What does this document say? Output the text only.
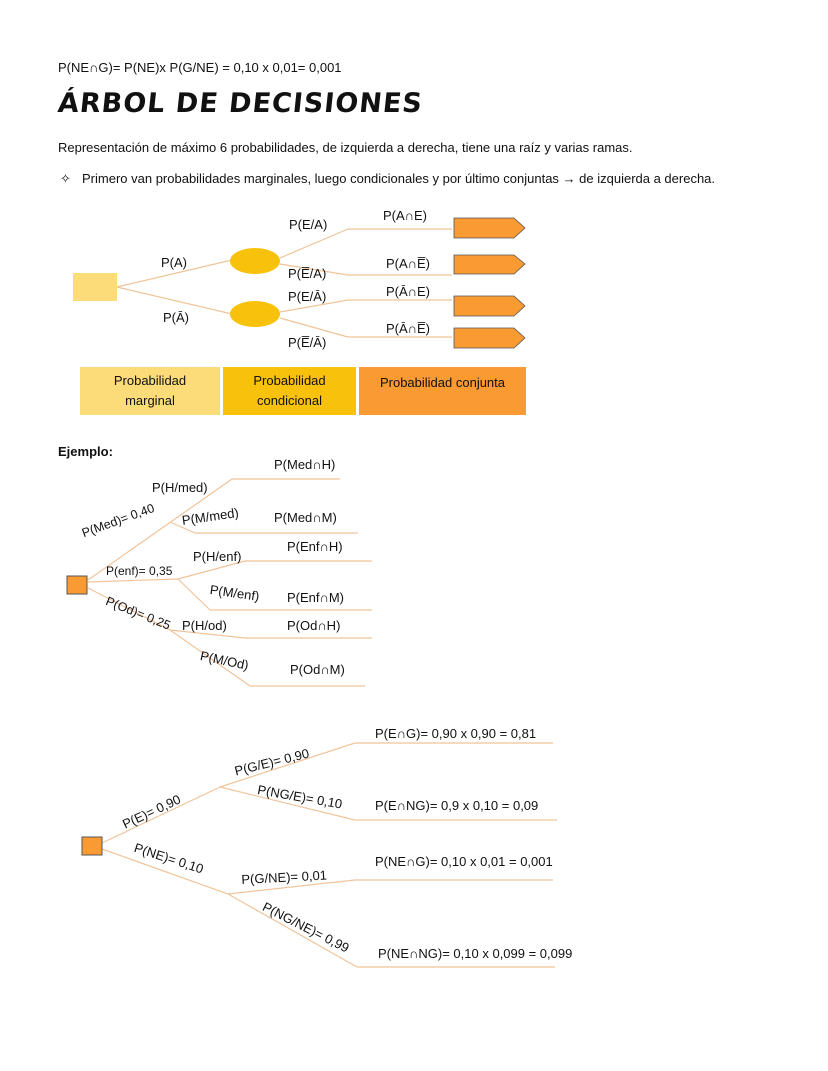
P(NE∩G)= P(NE)x P(G/NE) = 0,10 x 0,01= 0,001
ÁRBOL DE DECISIONES
Representación de máximo 6 probabilidades, de izquierda a derecha, tiene una raíz y varias ramas.
✧ Primero van probabilidades marginales, luego condicionales y por último conjuntas → de izquierda a derecha.
P(A)
P(Ā)
P(E/A)
P(E̅/A)
P(E/Ā)
P(E̅/Ā)
P(A∩E)
P(A∩E̅)
P(Ā∩E)
P(Ā∩E̅)
Probabilidad marginal
Probabilidad condicional
Probabilidad conjunta
Ejemplo:
P(Med)= 0,40
P(enf)= 0,35
P(Od)= 0,25
P(H/med)
P(M/med)
P(H/enf)
P(M/enf)
P(H/od)
P(M/Od)
P(Med∩H)
P(Med∩M)
P(Enf∩H)
P(Enf∩M)
P(Od∩H)
P(Od∩M)
P(E)= 0,90
P(NE)= 0,10
P(G/E)= 0,90
P(NG/E)= 0,10
P(G/NE)= 0,01
P(NG/NE)= 0,99
P(E∩G)= 0,90 x 0,90 = 0,81
P(E∩NG)= 0,9 x 0,10 = 0,09
P(NE∩G)= 0,10 x 0,01 = 0,001
P(NE∩NG)= 0,10 x 0,099 = 0,099
